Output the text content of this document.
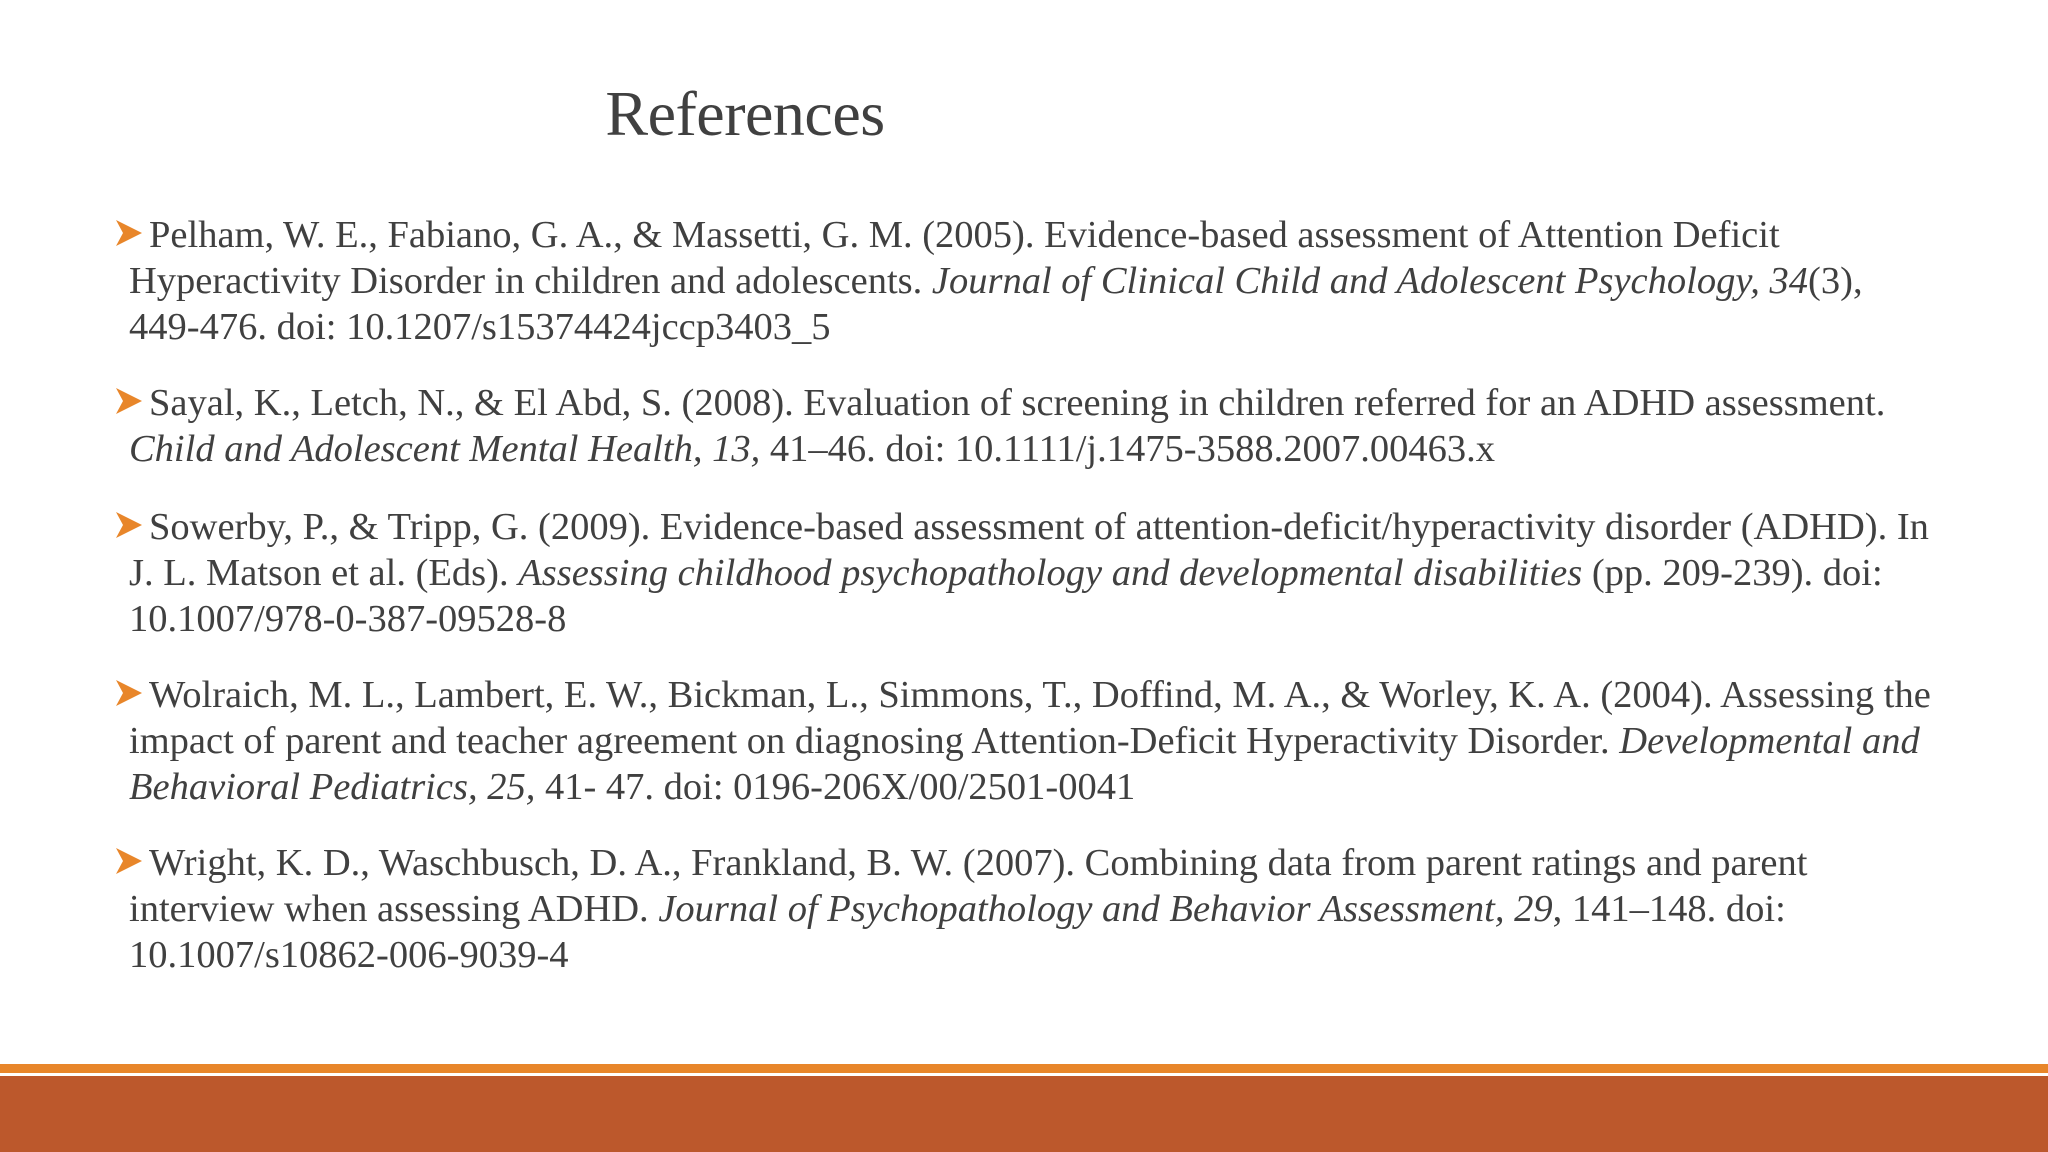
References
Pelham, W. E., Fabiano, G. A., & Massetti, G. M. (2005). Evidence-based assessment of Attention Deficit Hyperactivity Disorder in children and adolescents. Journal of Clinical Child and Adolescent Psychology, 34(3), 449-476. doi: 10.1207/s15374424jccp3403_5
Sayal, K., Letch, N., & El Abd, S. (2008). Evaluation of screening in children referred for an ADHD assessment. Child and Adolescent Mental Health, 13, 41–46. doi: 10.1111/j.1475-3588.2007.00463.x
Sowerby, P., & Tripp, G. (2009). Evidence-based assessment of attention-deficit/hyperactivity disorder (ADHD). In J. L. Matson et al. (Eds). Assessing childhood psychopathology and developmental disabilities (pp. 209-239). doi: 10.1007/978-0-387-09528-8
Wolraich, M. L., Lambert, E. W., Bickman, L., Simmons, T., Doffind, M. A., & Worley, K. A. (2004). Assessing the impact of parent and teacher agreement on diagnosing Attention-Deficit Hyperactivity Disorder. Developmental and Behavioral Pediatrics, 25, 41- 47. doi: 0196-206X/00/2501-0041
Wright, K. D., Waschbusch, D. A., Frankland, B. W. (2007). Combining data from parent ratings and parent interview when assessing ADHD. Journal of Psychopathology and Behavior Assessment, 29, 141–148. doi: 10.1007/s10862-006-9039-4
